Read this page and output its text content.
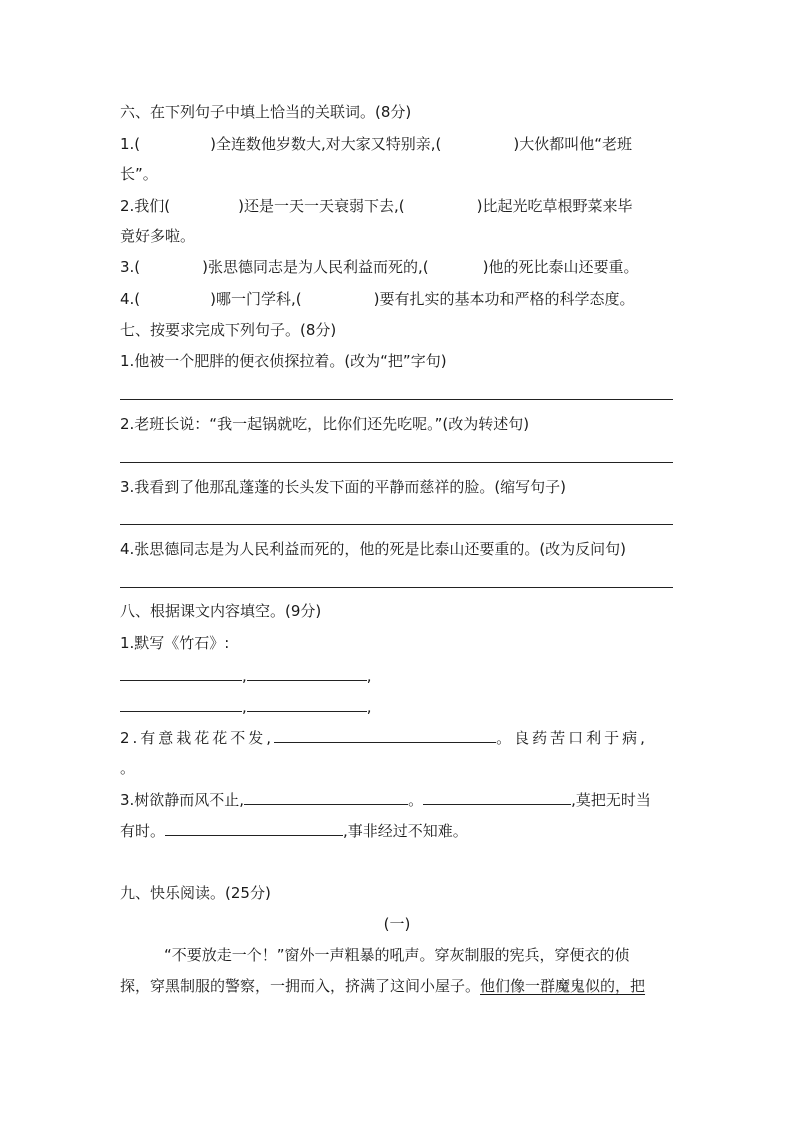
六、在下列句子中填上恰当的关联词。(8分)
1.(	)全连数他岁数大,对大家又特别亲,(	)大伙都叫他“老班
长”。
2.我们(	)还是一天一天衰弱下去,(	)比起光吃草根野菜来毕
竟好多啦。
3.(	)张思德同志是为人民利益而死的,(	)他的死比泰山还要重。
4.(	)哪一门学科,(	)要有扎实的基本功和严格的科学态度。
七、按要求完成下列句子。(8分)
1.他被一个肥胖的便衣侦探拉着。(改为“把”字句)
2.老班长说：“我一起锅就吃，比你们还先吃呢。”(改为转述句)
3.我看到了他那乱蓬蓬的长头发下面的平静而慈祥的脸。(缩写句子)
4.张思德同志是为人民利益而死的，他的死是比泰山还要重的。(改为反问句)
八、根据课文内容填空。(9分)
1.默写《竹石》:
,	,
,	,
2.有意栽花花不发,	。良药苦口利于病,
。
3.树欲静而风不止,	。	,莫把无时当
有时。	,事非经过不知难。
九、快乐阅读。(25分)
(一)
“不要放走一个！”窗外一声粗暴的吼声。穿灰制服的宪兵，穿便衣的侦
探，穿黑制服的警察，一拥而入，挤满了这间小屋子。他们像一群魔鬼似的，把
